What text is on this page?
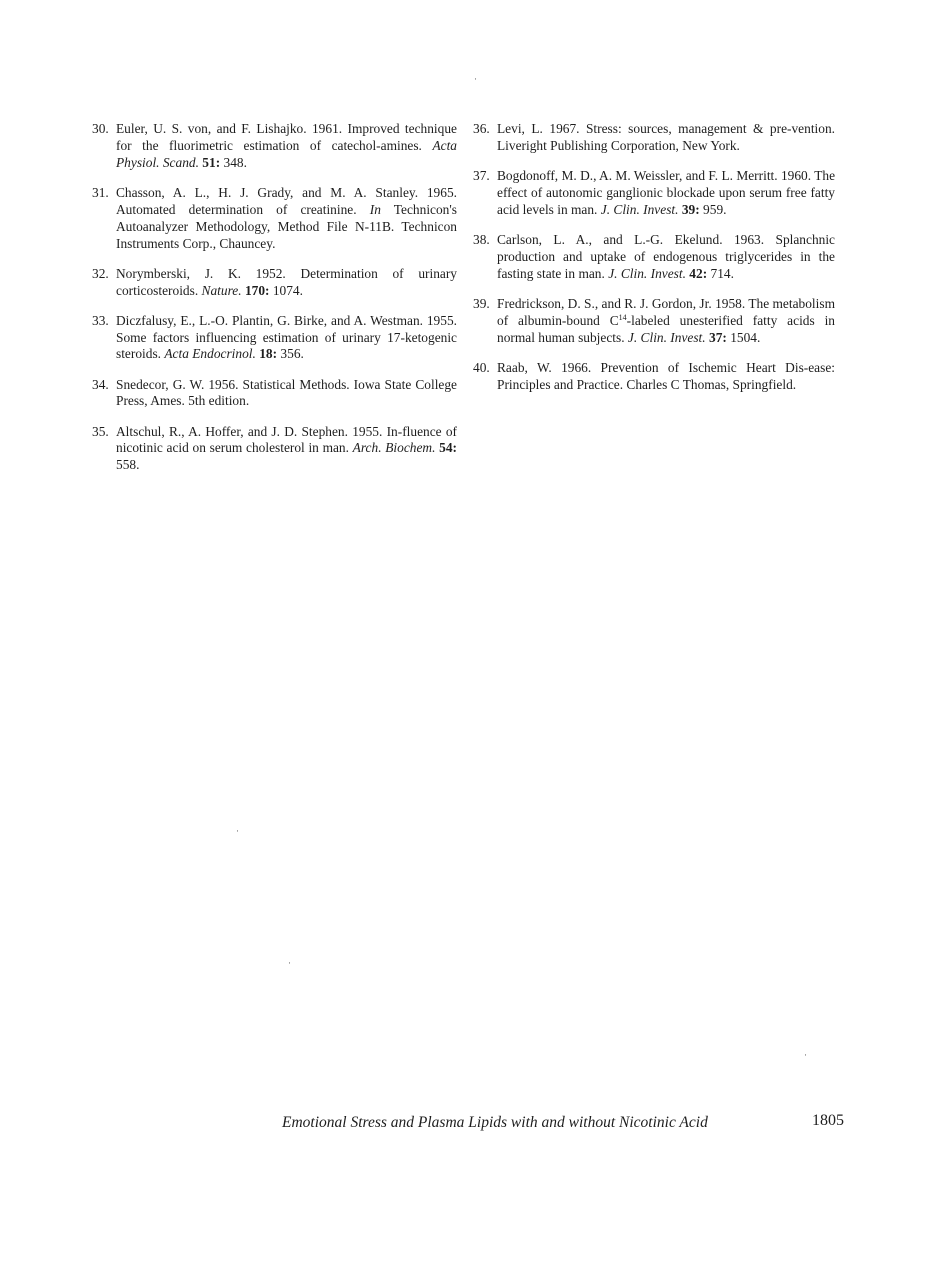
30. Euler, U. S. von, and F. Lishajko. 1961. Improved technique for the fluorimetric estimation of catechol-amines. Acta Physiol. Scand. 51: 348.

31. Chasson, A. L., H. J. Grady, and M. A. Stanley. 1965. Automated determination of creatinine. In Technicon's Autoanalyzer Methodology, Method File N-11B. Technicon Instruments Corp., Chauncey.

32. Norymberski, J. K. 1952. Determination of urinary corticosteroids. Nature. 170: 1074.

33. Diczfalusy, E., L.-O. Plantin, G. Birke, and A. Westman. 1955. Some factors influencing estimation of urinary 17-ketogenic steroids. Acta Endocrinol. 18: 356.

34. Snedecor, G. W. 1956. Statistical Methods. Iowa State College Press, Ames. 5th edition.

35. Altschul, R., A. Hoffer, and J. D. Stephen. 1955. In-fluence of nicotinic acid on serum cholesterol in man. Arch. Biochem. 54: 558.

36. Levi, L. 1967. Stress: sources, management & pre-vention. Liveright Publishing Corporation, New York.

37. Bogdonoff, M. D., A. M. Weissler, and F. L. Merritt. 1960. The effect of autonomic ganglionic blockade upon serum free fatty acid levels in man. J. Clin. Invest. 39: 959.

38. Carlson, L. A., and L.-G. Ekelund. 1963. Splanchnic production and uptake of endogenous triglycerides in the fasting state in man. J. Clin. Invest. 42: 714.

39. Fredrickson, D. S., and R. J. Gordon, Jr. 1958. The metabolism of albumin-bound $C^{14}$-labeled unesterified fatty acids in normal human subjects. J. Clin. Invest. 37: 1504.

40. Raab, W. 1966. Prevention of Ischemic Heart Dis-ease: Principles and Practice. Charles C Thomas, Springfield.

Emotional Stress and Plasma Lipids with and without Nicotinic Acid	1805
·
·
·
·
